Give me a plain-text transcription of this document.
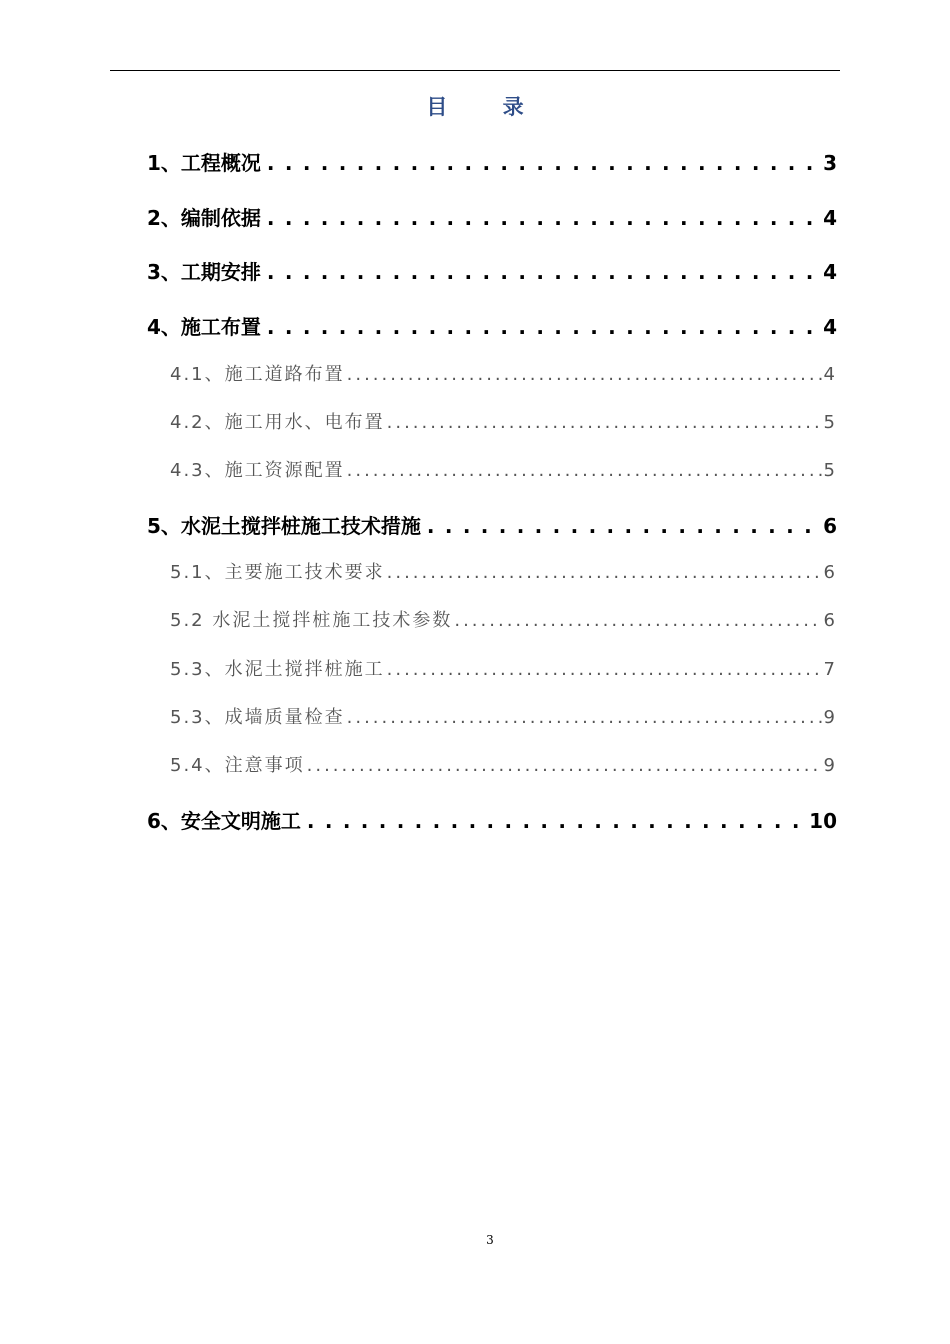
目 录
1、工程概况 . . .	3
2、编制依据 . . .	4
3、工期安排 . . .	4
4、施工布置 . . .	4
4.1、施工道路布置 .....	4
4.2、施工用水、电布置 .....	5
4.3、施工资源配置 .....	5
5、水泥土搅拌桩施工技术措施 . . .	6
5.1、主要施工技术要求 .....	6
5.2 水泥土搅拌桩施工技术参数 .....	6
5.3、水泥土搅拌桩施工 .....	7
5.3、成墙质量检查 .....	9
5.4、注意事项 .....	9
6、安全文明施工 . . .	10
3
